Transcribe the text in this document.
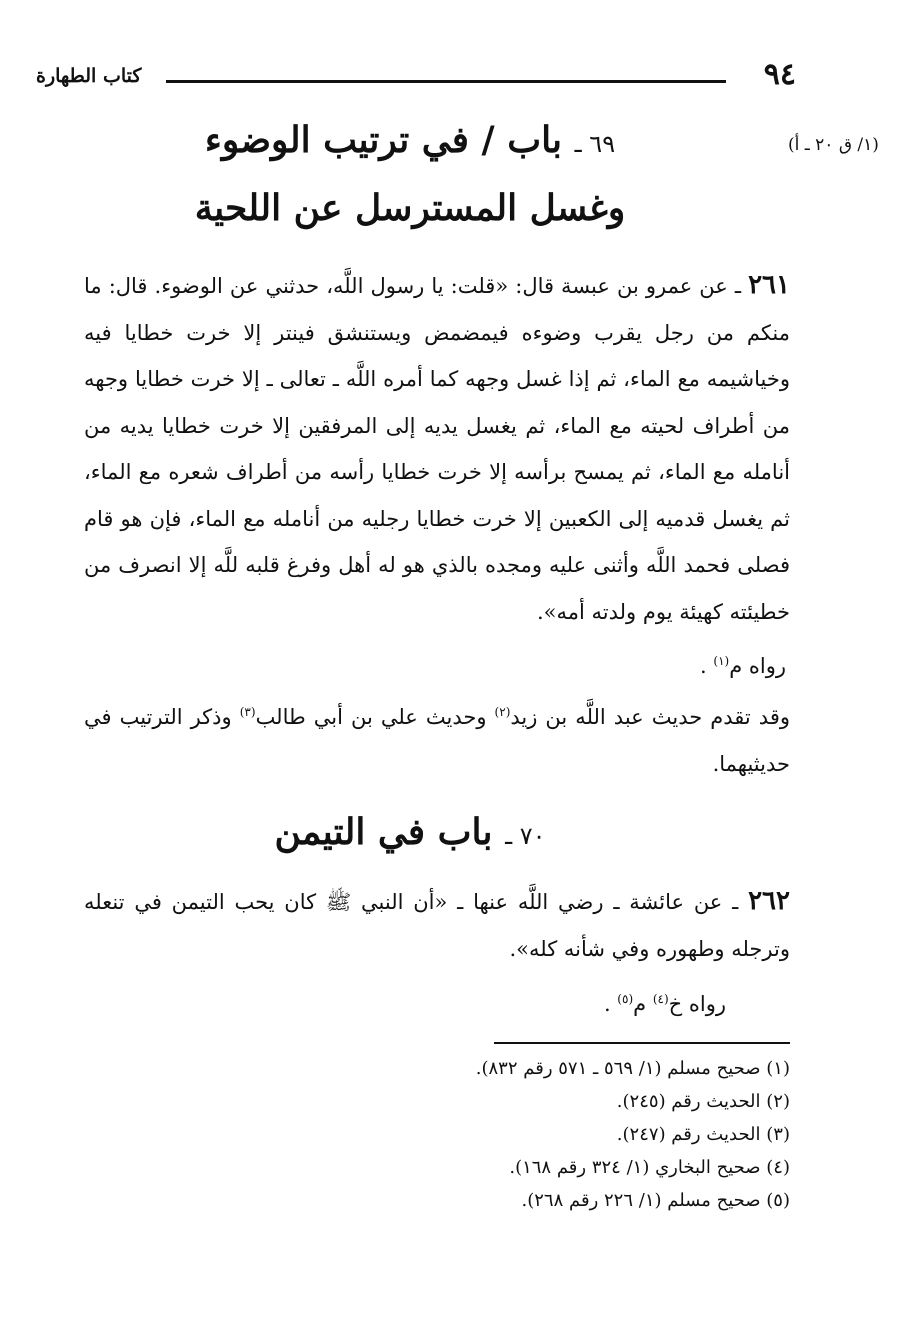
٩٤
كتاب الطهارة
(١/ ق ٢٠ ـ أ)
٦٩ ـ باب / في ترتيب الوضوء
وغسل المسترسل عن اللحية

٢٦١ ـ عن عمرو بن عبسة قال: «قلت: يا رسول اللَّه، حدثني عن الوضوء. قال: ما منكم من رجل يقرب وضوءه فيمضمض ويستنشق فينتر إلا خرت خطايا فيه وخياشيمه مع الماء، ثم إذا غسل وجهه كما أمره اللَّه ـ تعالى ـ إلا خرت خطايا وجهه من أطراف لحيته مع الماء، ثم يغسل يديه إلى المرفقين إلا خرت خطايا يديه من أنامله مع الماء، ثم يمسح برأسه إلا خرت خطايا رأسه من أطراف شعره مع الماء، ثم يغسل قدميه إلى الكعبين إلا خرت خطايا رجليه من أنامله مع الماء، فإن هو قام فصلى فحمد اللَّه وأثنى عليه ومجده بالذي هو له أهل وفرغ قلبه للَّه إلا انصرف من خطيئته كهيئة يوم ولدته أمه».

رواه م$^{(١)}$ .

وقد تقدم حديث عبد اللَّه بن زيد$^{(٢)}$ وحديث علي بن أبي طالب$^{(٣)}$ وذكر الترتيب في حديثيهما.

٧٠ ـ باب في التيمن

٢٦٢ ـ عن عائشة ـ رضي اللَّه عنها ـ «أن النبي ﷺ كان يحب التيمن في تنعله وترجله وطهوره وفي شأنه كله».

رواه خ$^{(٤)}$ م$^{(٥)}$ .
(١) صحيح مسلم (١/ ٥٦٩ ـ ٥٧١ رقم ٨٣٢).
(٢) الحديث رقم (٢٤٥).
(٣) الحديث رقم (٢٤٧).
(٤) صحيح البخاري (١/ ٣٢٤ رقم ١٦٨).
(٥) صحيح مسلم (١/ ٢٢٦ رقم ٢٦٨).
